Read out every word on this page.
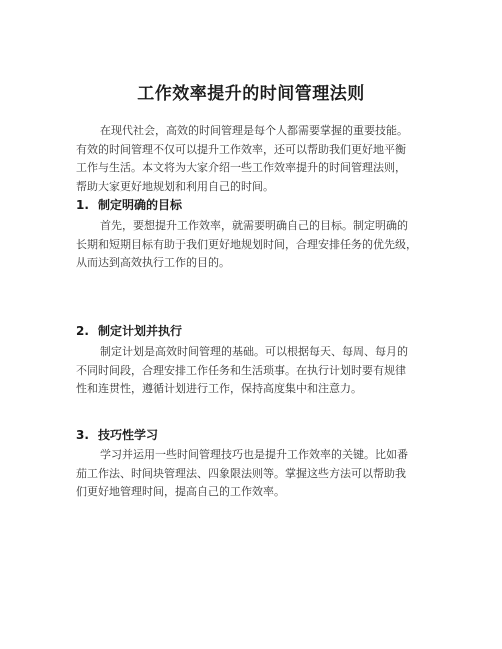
工作效率提升的时间管理法则

在现代社会，高效的时间管理是每个人都需要掌握的重要技能。
有效的时间管理不仅可以提升工作效率，还可以帮助我们更好地平衡
工作与生活。本文将为大家介绍一些工作效率提升的时间管理法则，
帮助大家更好地规划和利用自己的时间。

1. 制定明确的目标

首先，要想提升工作效率，就需要明确自己的目标。制定明确的
长期和短期目标有助于我们更好地规划时间，合理安排任务的优先级，
从而达到高效执行工作的目的。

2. 制定计划并执行

制定计划是高效时间管理的基础。可以根据每天、每周、每月的
不同时间段，合理安排工作任务和生活琐事。在执行计划时要有规律
性和连贯性，遵循计划进行工作，保持高度集中和注意力。

3. 技巧性学习

学习并运用一些时间管理技巧也是提升工作效率的关键。比如番
茄工作法、时间块管理法、四象限法则等。掌握这些方法可以帮助我
们更好地管理时间，提高自己的工作效率。
